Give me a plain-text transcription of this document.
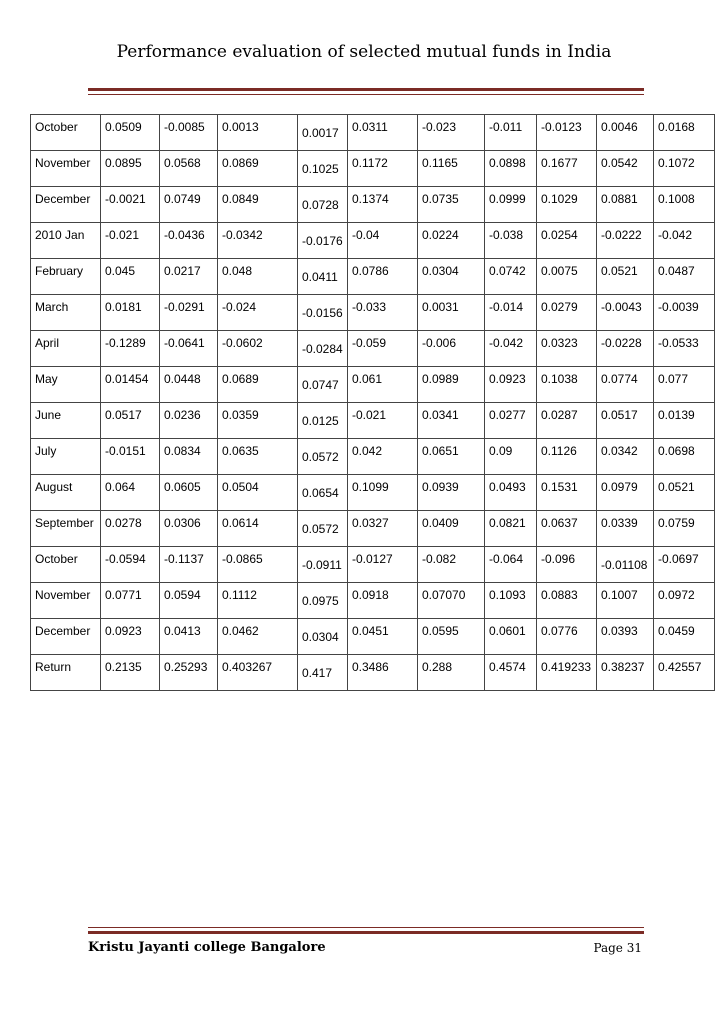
Performance evaluation of selected mutual funds in India
October	0.0509	-0.0085	0.0013	0.0017	0.0311	-0.023	-0.011	-0.0123	0.0046	0.0168
November	0.0895	0.0568	0.0869	0.1025	0.1172	0.1165	0.0898	0.1677	0.0542	0.1072
December	-0.0021	0.0749	0.0849	0.0728	0.1374	0.0735	0.0999	0.1029	0.0881	0.1008
2010 Jan	-0.021	-0.0436	-0.0342	-0.0176	-0.04	0.0224	-0.038	0.0254	-0.0222	-0.042
February	0.045	0.0217	0.048	0.0411	0.0786	0.0304	0.0742	0.0075	0.0521	0.0487
March	0.0181	-0.0291	-0.024	-0.0156	-0.033	0.0031	-0.014	0.0279	-0.0043	-0.0039
April	-0.1289	-0.0641	-0.0602	-0.0284	-0.059	-0.006	-0.042	0.0323	-0.0228	-0.0533
May	0.01454	0.0448	0.0689	0.0747	0.061	0.0989	0.0923	0.1038	0.0774	0.077
June	0.0517	0.0236	0.0359	0.0125	-0.021	0.0341	0.0277	0.0287	0.0517	0.0139
July	-0.0151	0.0834	0.0635	0.0572	0.042	0.0651	0.09	0.1126	0.0342	0.0698
August	0.064	0.0605	0.0504	0.0654	0.1099	0.0939	0.0493	0.1531	0.0979	0.0521
September	0.0278	0.0306	0.0614	0.0572	0.0327	0.0409	0.0821	0.0637	0.0339	0.0759
October	-0.0594	-0.1137	-0.0865	-0.0911	-0.0127	-0.082	-0.064	-0.096	-0.01108	-0.0697
November	0.0771	0.0594	0.1112	0.0975	0.0918	0.07070	0.1093	0.0883	0.1007	0.0972
December	0.0923	0.0413	0.0462	0.0304	0.0451	0.0595	0.0601	0.0776	0.0393	0.0459
Return	0.2135	0.25293	0.403267	0.417	0.3486	0.288	0.4574	0.419233	0.38237	0.42557
Kristu Jayanti college Bangalore	Page 31
